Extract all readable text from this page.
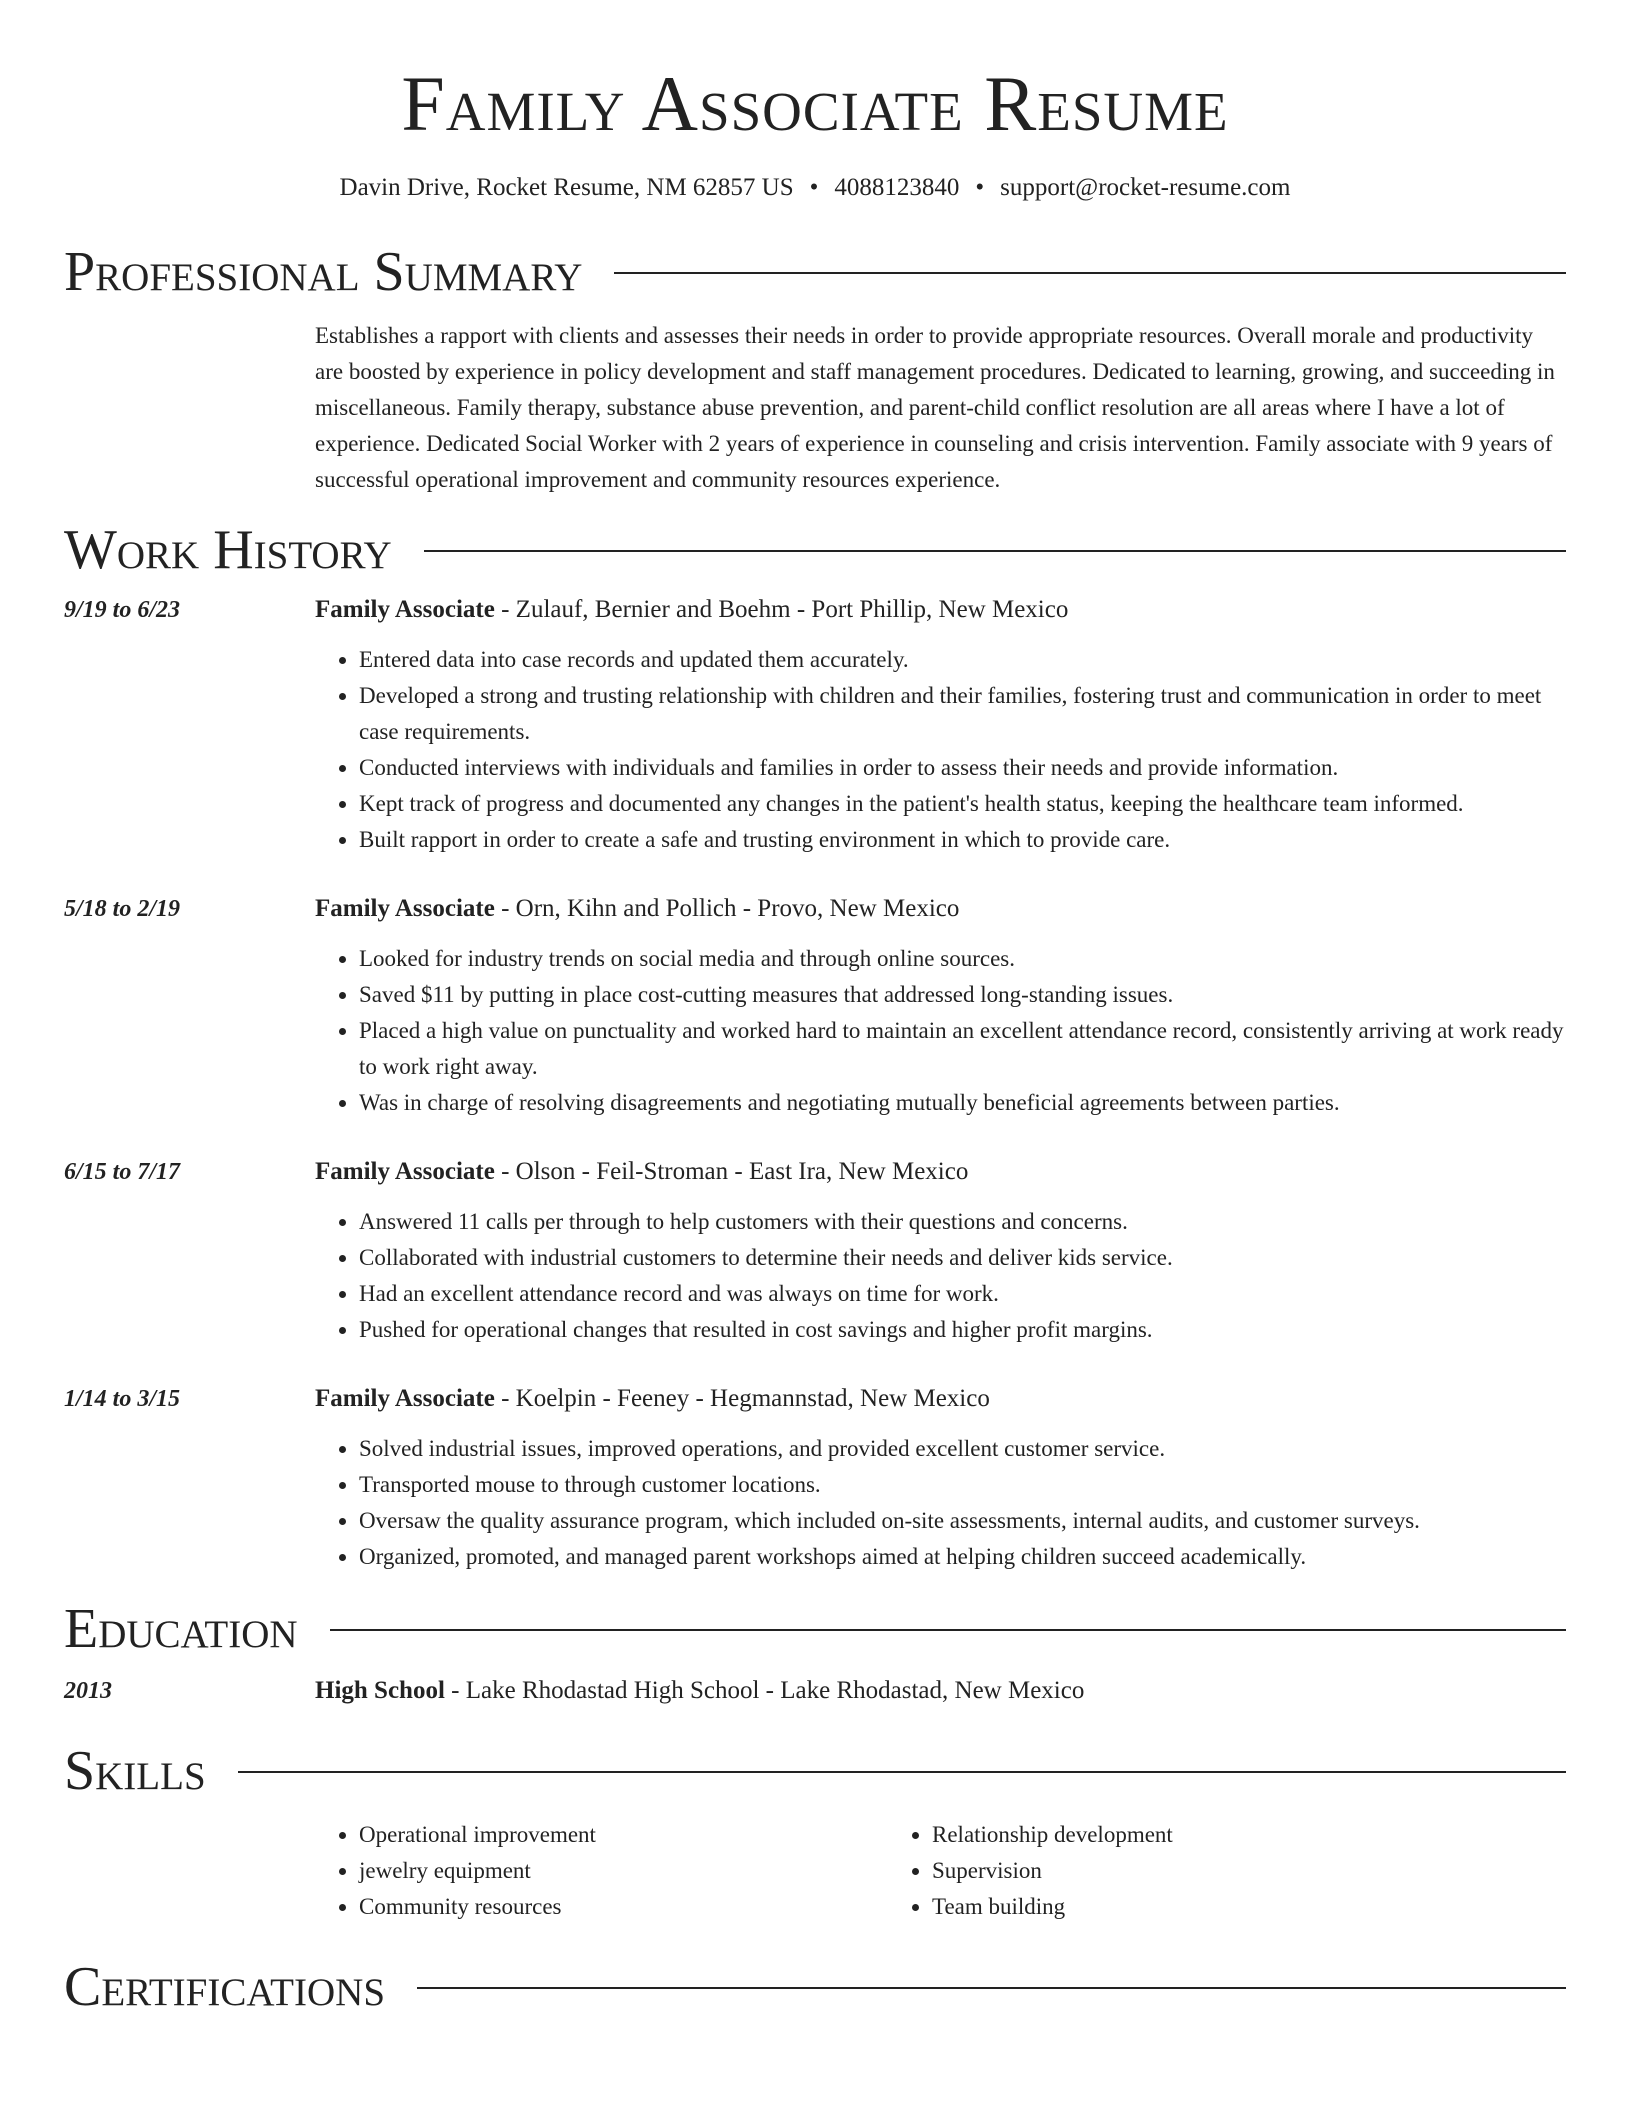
Family Associate Resume
Davin Drive, Rocket Resume, NM 62857 US • 4088123840 • support@rocket-resume.com
Professional Summary

Establishes a rapport with clients and assesses their needs in order to provide appropriate resources. Overall morale and productivity are boosted by experience in policy development and staff management procedures. Dedicated to learning, growing, and succeeding in miscellaneous. Family therapy, substance abuse prevention, and parent-child conflict resolution are all areas where I have a lot of experience. Dedicated Social Worker with 2 years of experience in counseling and crisis intervention. Family associate with 9 years of successful operational improvement and community resources experience.

Work History
9/19 to 6/23	Family Associate - Zulauf, Bernier and Boehm - Port Phillip, New Mexico
• Entered data into case records and updated them accurately.
• Developed a strong and trusting relationship with children and their families, fostering trust and communication in order to meet case requirements.
• Conducted interviews with individuals and families in order to assess their needs and provide information.
• Kept track of progress and documented any changes in the patient's health status, keeping the healthcare team informed.
• Built rapport in order to create a safe and trusting environment in which to provide care.
5/18 to 2/19	Family Associate - Orn, Kihn and Pollich - Provo, New Mexico
• Looked for industry trends on social media and through online sources.
• Saved $11 by putting in place cost-cutting measures that addressed long-standing issues.
• Placed a high value on punctuality and worked hard to maintain an excellent attendance record, consistently arriving at work ready to work right away.
• Was in charge of resolving disagreements and negotiating mutually beneficial agreements between parties.
6/15 to 7/17	Family Associate - Olson - Feil-Stroman - East Ira, New Mexico
• Answered 11 calls per through to help customers with their questions and concerns.
• Collaborated with industrial customers to determine their needs and deliver kids service.
• Had an excellent attendance record and was always on time for work.
• Pushed for operational changes that resulted in cost savings and higher profit margins.
1/14 to 3/15	Family Associate - Koelpin - Feeney - Hegmannstad, New Mexico
• Solved industrial issues, improved operations, and provided excellent customer service.
• Transported mouse to through customer locations.
• Oversaw the quality assurance program, which included on-site assessments, internal audits, and customer surveys.
• Organized, promoted, and managed parent workshops aimed at helping children succeed academically.
Education
2013	High School - Lake Rhodastad High School - Lake Rhodastad, New Mexico
Skills
• Operational improvement
• jewelry equipment
• Community resources
• Relationship development
• Supervision
• Team building
Certifications
